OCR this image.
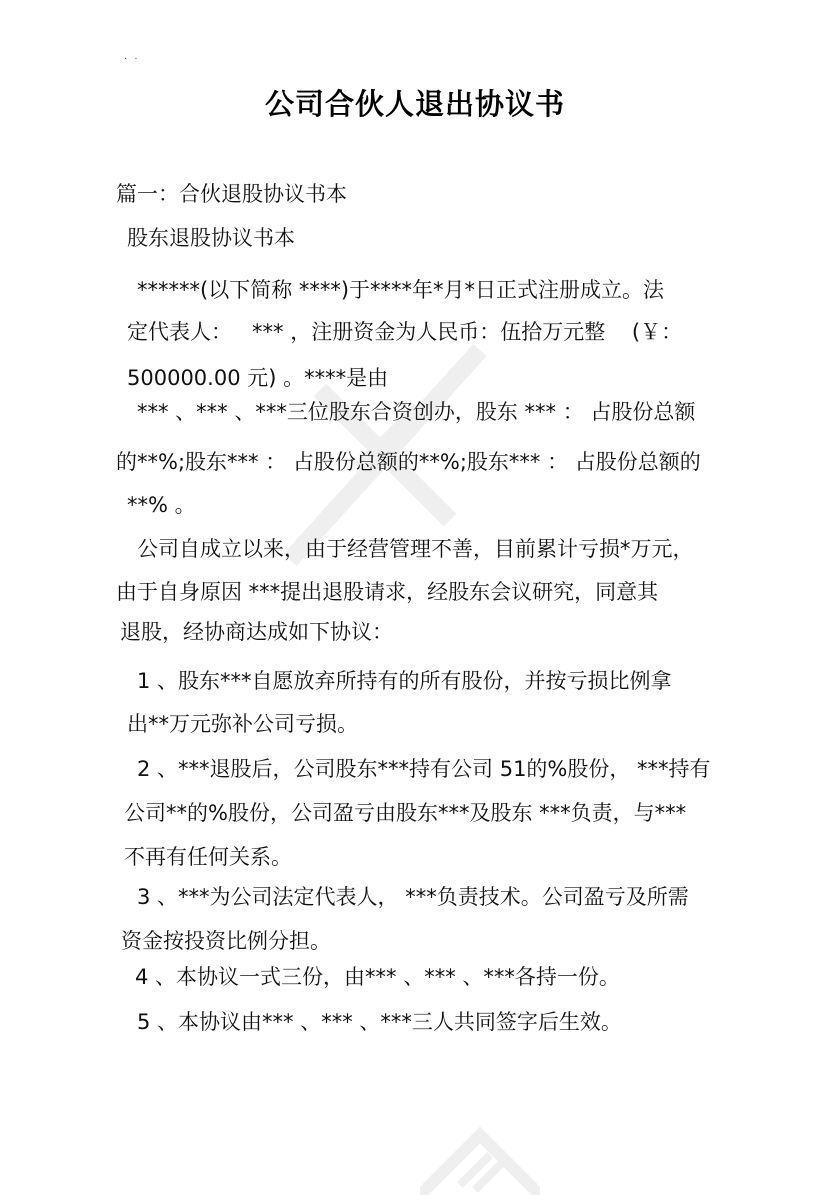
· ·
公司合伙人退出协议书
篇一：合伙退股协议书本
股东退股协议书本
******(以下简称 ****)于****年*月*日正式注册成立。法
定代表人：   *** ，注册资金为人民币：伍拾万元整    (￥：
500000.00 元) 。****是由
*** 、*** 、***三位股东合资创办，股东 *** ： 占股份总额
的**%;股东*** ： 占股份总额的**%;股东*** ： 占股份总额的
**% 。
公司自成立以来，由于经营管理不善，目前累计亏损*万元，
由于自身原因 ***提出退股请求，经股东会议研究，同意其
退股，经协商达成如下协议：
1 、股东***自愿放弃所持有的所有股份，并按亏损比例拿
出**万元弥补公司亏损。
2 、***退股后，公司股东***持有公司 51的%股份， ***持有
公司**的%股份，公司盈亏由股东***及股东 ***负责，与***
不再有任何关系。
3 、***为公司法定代表人， ***负责技术。公司盈亏及所需
资金按投资比例分担。
4 、本协议一式三份，由*** 、*** 、***各持一份。
5 、本协议由*** 、*** 、***三人共同签字后生效。
